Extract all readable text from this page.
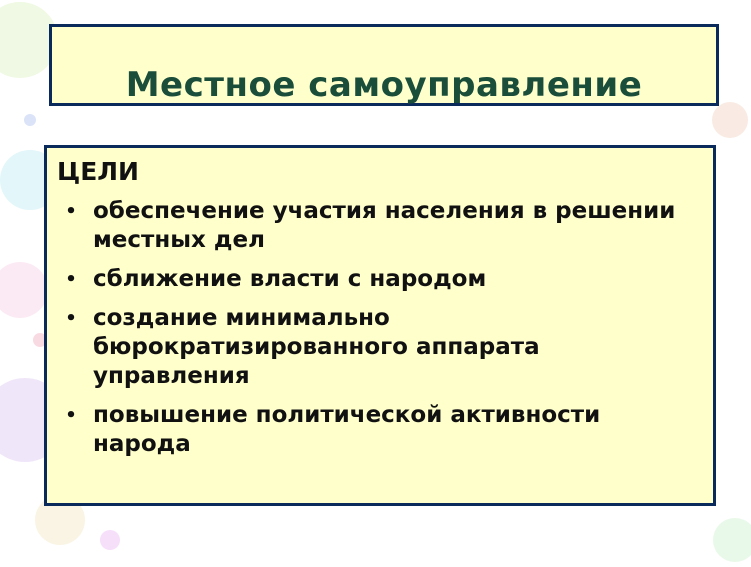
Местное самоуправление
ЦЕЛИ
• обеспечение участия населения в решении местных дел
• сближение власти с народом
• создание минимально бюрократизированного аппарата управления
• повышение политической активности народа
